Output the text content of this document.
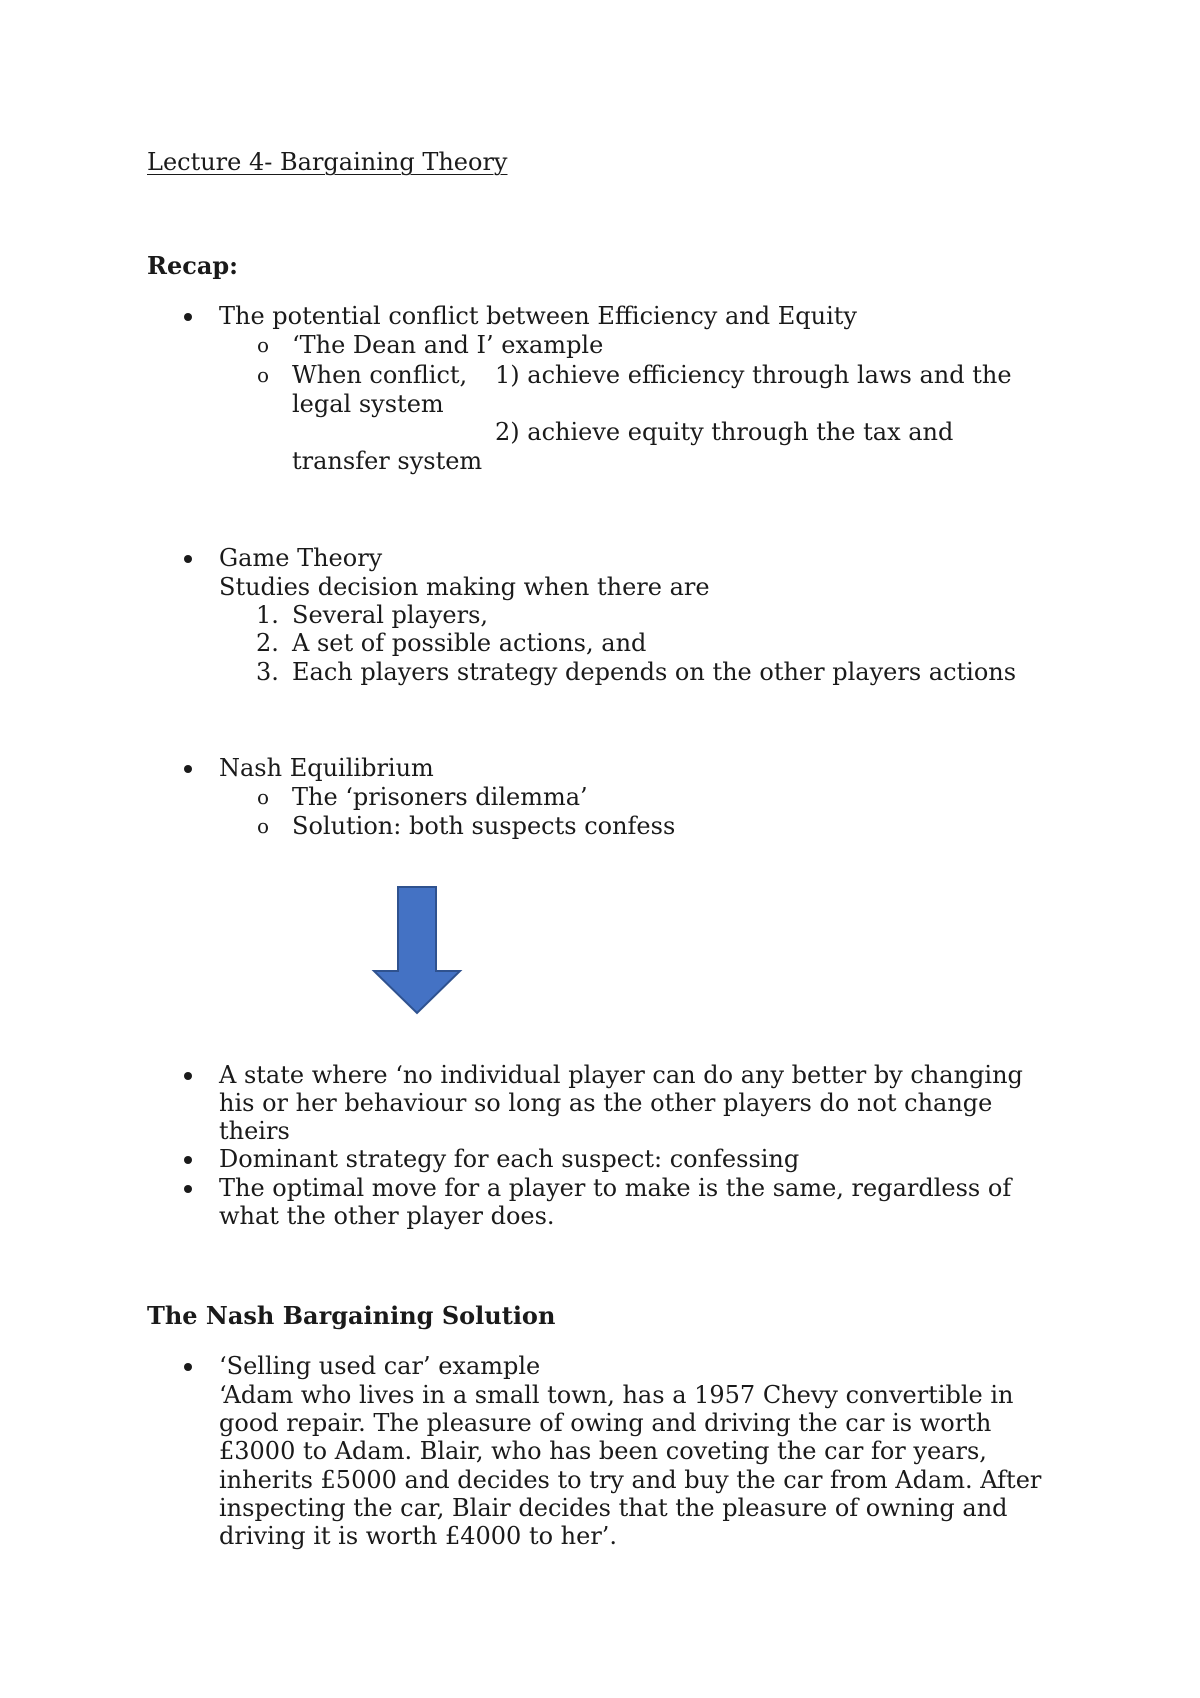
Lecture 4- Bargaining Theory
Recap:
The potential conflict between Efficiency and Equity
o ‘The Dean and I’ example
o When conflict, 1) achieve efficiency through laws and the
legal system
2) achieve equity through the tax and
transfer system
Game Theory
Studies decision making when there are
1. Several players,
2. A set of possible actions, and
3. Each players strategy depends on the other players actions
Nash Equilibrium
o The ‘prisoners dilemma’
o Solution: both suspects confess
A state where ‘no individual player can do any better by changing
his or her behaviour so long as the other players do not change
theirs
Dominant strategy for each suspect: confessing
The optimal move for a player to make is the same, regardless of
what the other player does.
The Nash Bargaining Solution
‘Selling used car’ example
‘Adam who lives in a small town, has a 1957 Chevy convertible in
good repair. The pleasure of owing and driving the car is worth
£3000 to Adam. Blair, who has been coveting the car for years,
inherits £5000 and decides to try and buy the car from Adam. After
inspecting the car, Blair decides that the pleasure of owning and
driving it is worth £4000 to her’.
